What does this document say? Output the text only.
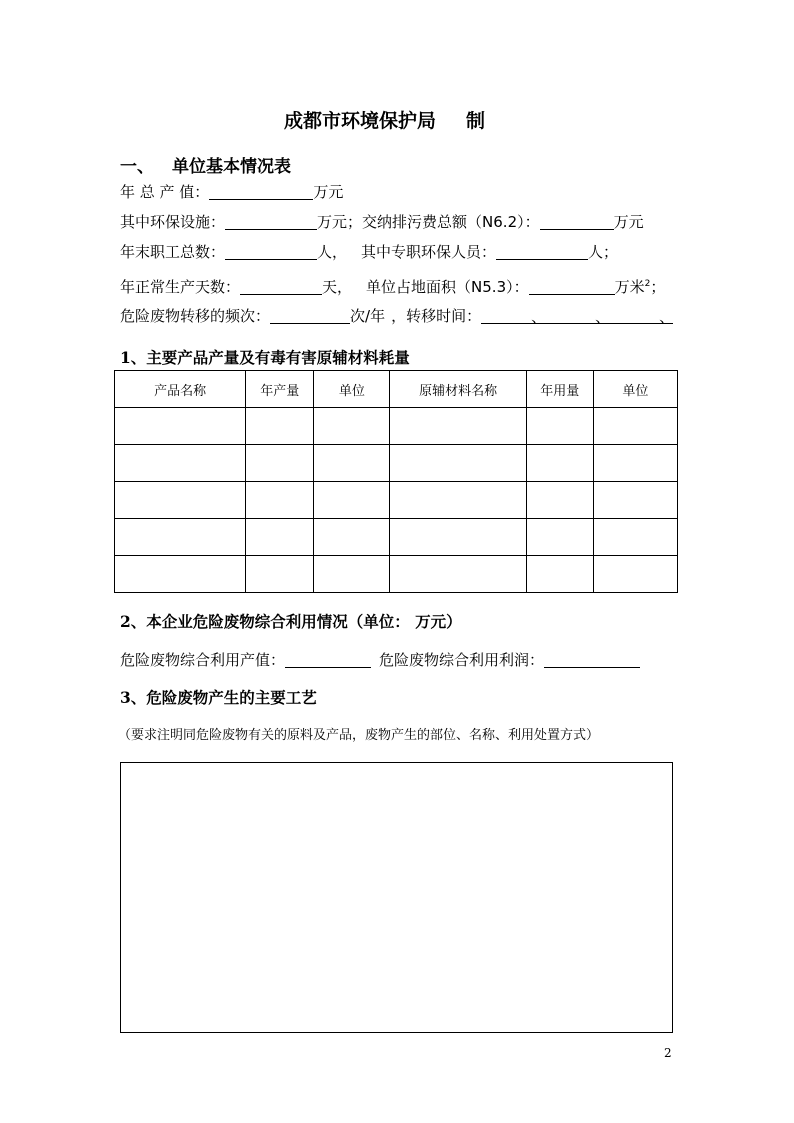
成都市环境保护局 制
一、 单位基本情况表
年 总 产 值：	万元
其中环保设施：	万元；交纳排污费总额（N6.2）：	万元
年末职工总数：	人， 其中专职环保人员：	人；
年正常生产天数：	天， 单位占地面积（N5.3）：	万米$^2$；
危险废物转移的频次：	次/年 ，转移时间：	、	、	、
1、主要产品产量及有毒有害原辅材料耗量
产品名称	年产量	单位	原辅材料名称	年用量	单位

2、本企业危险废物综合利用情况（单位： 万元）
危险废物综合利用产值：	危险废物综合利用利润：
3、危险废物产生的主要工艺
（要求注明同危险废物有关的原料及产品，废物产生的部位、名称、利用处置方式）
2
